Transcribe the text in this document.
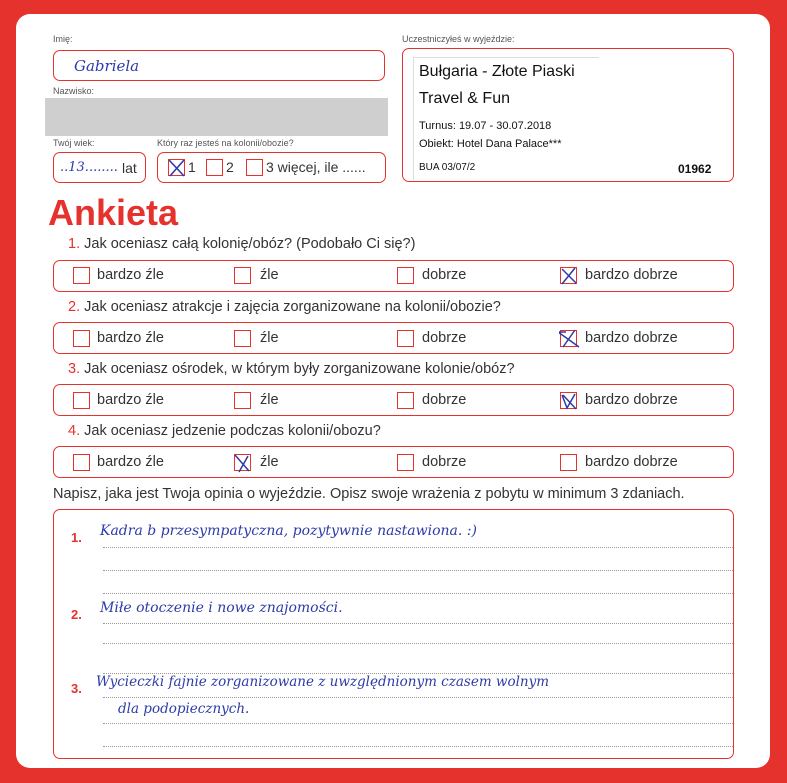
Imię:
Gabriela
Nazwisko:
Twój wiek:
..13........ lat
Który raz jesteś na kolonii/obozie?
1 2 3 więcej, ile ......
Uczestniczyłeś w wyjeździe:
Bułgaria - Złote Piaski
Travel & Fun
Turnus: 19.07 - 30.07.2018
Obiekt: Hotel Dana Palace***
BUA 03/07/2	01962
Ankieta
1. Jak oceniasz całą kolonię/obóz? (Podobało Ci się?)
bardzo źle	źle	dobrze	bardzo dobrze
2. Jak oceniasz atrakcje i zajęcia zorganizowane na kolonii/obozie?
bardzo źle	źle	dobrze	bardzo dobrze
3. Jak oceniasz ośrodek, w którym były zorganizowane kolonie/obóz?
bardzo źle	źle	dobrze	bardzo dobrze
4. Jak oceniasz jedzenie podczas kolonii/obozu?
bardzo źle	źle	dobrze	bardzo dobrze
Napisz, jaka jest Twoja opinia o wyjeździe. Opisz swoje wrażenia z pobytu w minimum 3 zdaniach.
1. Kadra b przesympatyczna, pozytywnie nastawiona. :)
2. Miłe otoczenie i nowe znajomości.
3. Wycieczki fajnie zorganizowane z uwzględnionym czasem wolnym
dla podopiecznych.
